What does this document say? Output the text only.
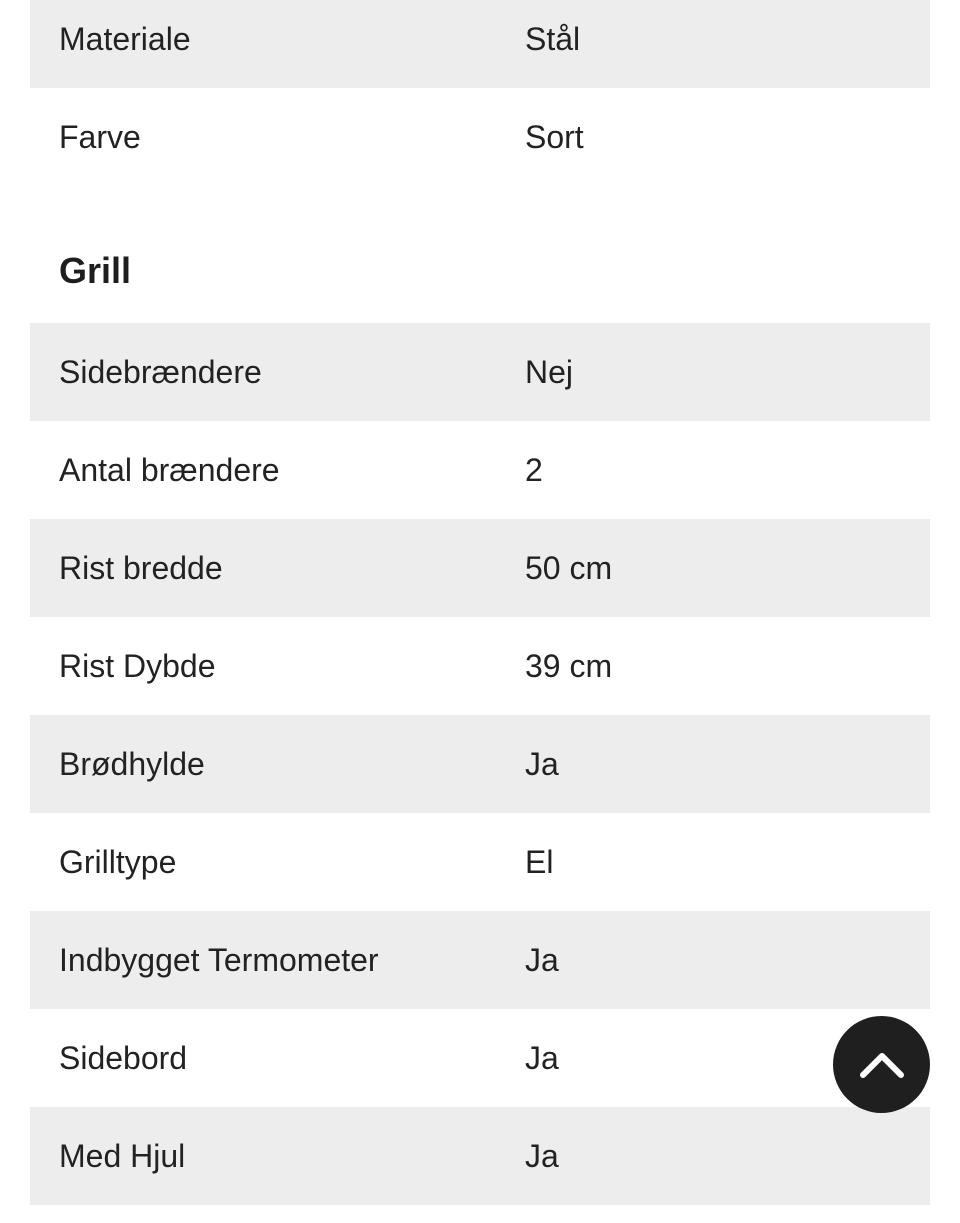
Materiale	Stål
Farve	Sort
Grill
Sidebrændere	Nej
Antal brændere	2
Rist bredde	50 cm
Rist Dybde	39 cm
Brødhylde	Ja
Grilltype	El
Indbygget Termometer	Ja
Sidebord	Ja
Med Hjul	Ja
